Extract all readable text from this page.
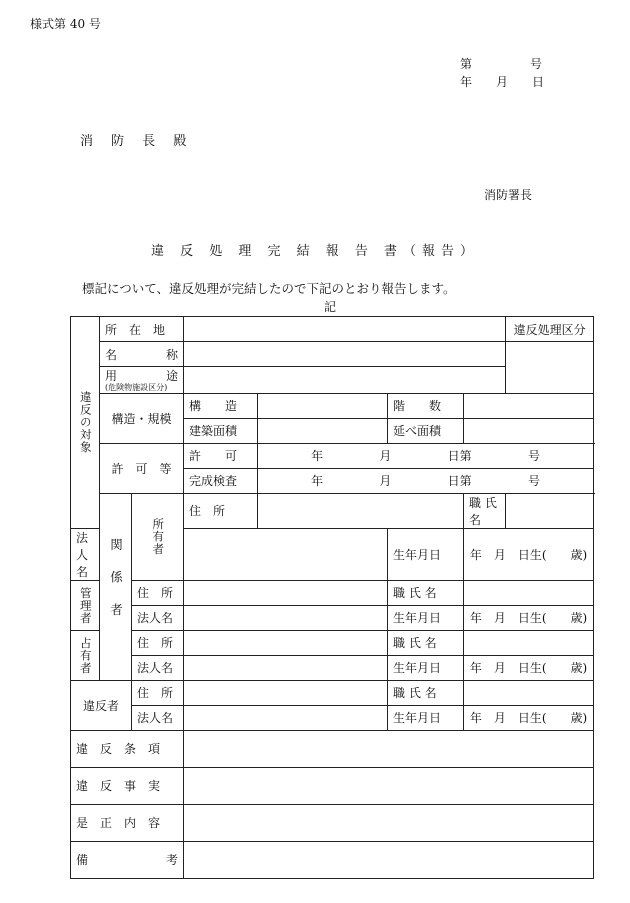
様式第 40 号
第　　　　号
年　　月　　日
消 防 長 殿
消防署長
違 反 処 理 完 結 報 告 書（報告）
標記について、違反処理が完結したので下記のとおり報告します。
記
違反の対象	所　在　地						違反処理区分

	名 称						

	用 途
(危険物施設区分)						

	構造・規模		構　　造		階　　数		
			建築面積		延べ面積		
	許　可　等		許　　可	年 月 日第 号			

			完成検査	年 月 日第 号			

	関係者	所有者	住　所			職 氏 名	
法人名					生年月日	年　月　日生(　　歳)	

管理者		住　所			職 氏 名		
		法人名			生年月日	年　月　日生(　　歳)	

占有者		住　所			職 氏 名		
		法人名			生年月日	年　月　日生(　　歳)	
違反者		住　所			職 氏 名		
		法人名			生年月日	年　月　日生(　　歳)	
違　反　条　項							
違　反　事　実							
是　正　内　容							

備 考							
